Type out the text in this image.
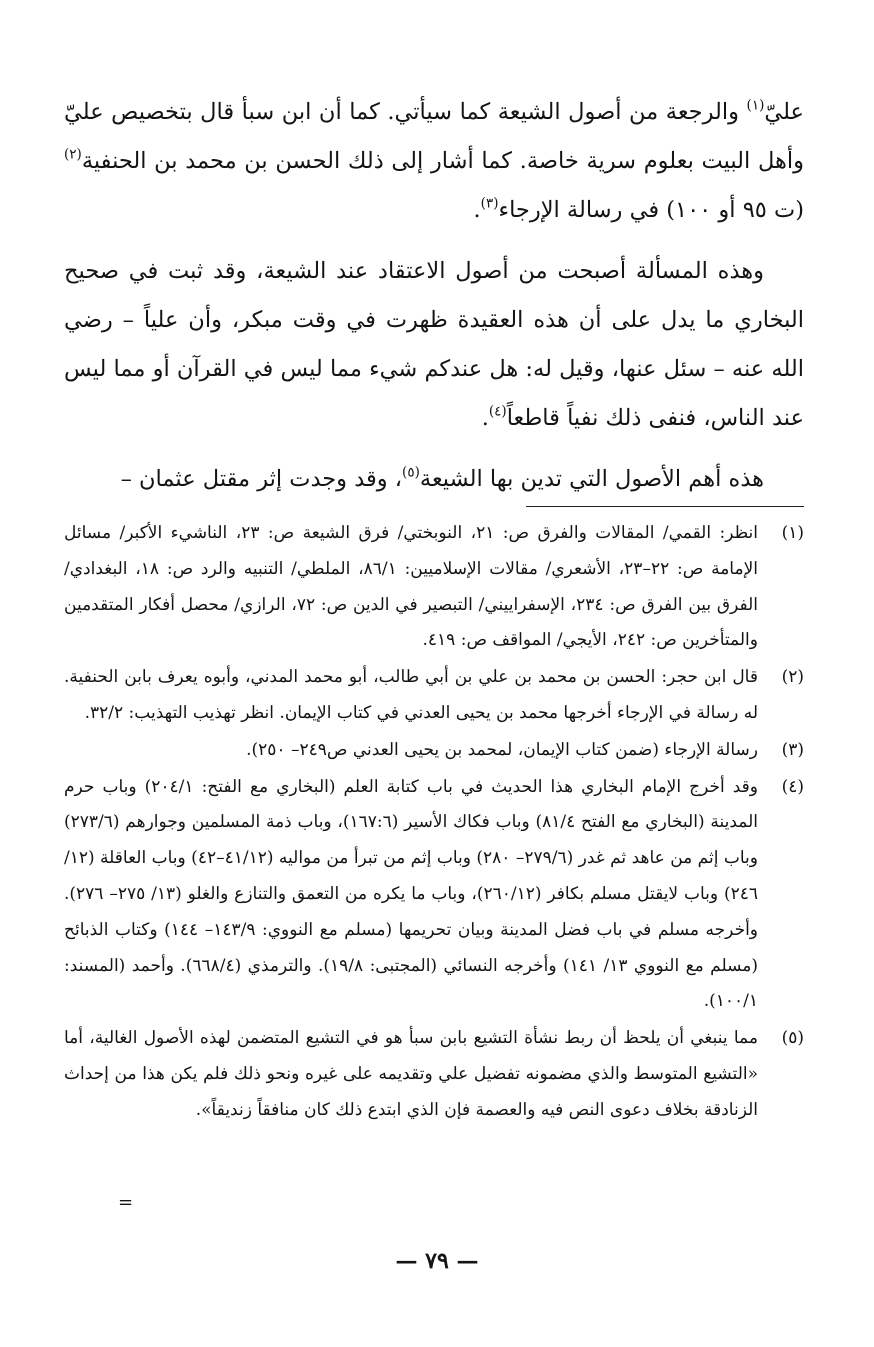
عليّ$^{(١)}$ والرجعة من أصول الشيعة كما سيأتي. كما أن ابن سبأ قال بتخصيص عليّ وأهل البيت بعلوم سرية خاصة. كما أشار إلى ذلك الحسن بن محمد بن الحنفية$^{(٢)}$ (ت ٩٥ أو ١٠٠) في رسالة الإرجاء$^{(٣)}$.

وهذه المسألة أصبحت من أصول الاعتقاد عند الشيعة، وقد ثبت في صحيح البخاري ما يدل على أن هذه العقيدة ظهرت في وقت مبكر، وأن علياً – رضي الله عنه – سئل عنها، وقيل له: هل عندكم شيء مما ليس في القرآن أو مما ليس عند الناس، فنفى ذلك نفياً قاطعاً$^{(٤)}$.

هذه أهم الأصول التي تدين بها الشيعة$^{(٥)}$، وقد وجدت إثر مقتل عثمان –

(١)
انظر: القمي/ المقالات والفرق ص: ٢١، النوبختي/ فرق الشيعة ص: ٢٣، الناشيء الأكبر/ مسائل الإمامة ص: ٢٢–٢٣، الأشعري/ مقالات الإسلاميين: ٨٦/١، الملطي/ التنبيه والرد ص: ١٨، البغدادي/ الفرق بين الفرق ص: ٢٣٤، الإسفراييني/ التبصير في الدين ص: ٧٢، الرازي/ محصل أفكار المتقدمين والمتأخرين ص: ٢٤٢، الأيجي/ المواقف ص: ٤١٩.
(٢)
قال ابن حجر: الحسن بن محمد بن علي بن أبي طالب، أبو محمد المدني، وأبوه يعرف بابن الحنفية. له رسالة في الإرجاء أخرجها محمد بن يحيى العدني في كتاب الإيمان. انظر تهذيب التهذيب: ٣٢/٢.
(٣)
رسالة الإرجاء (ضمن كتاب الإيمان، لمحمد بن يحيى العدني ص٢٤٩– ٢٥٠).
(٤)
وقد أخرج الإمام البخاري هذا الحديث في باب كتابة العلم (البخاري مع الفتح: ٢٠٤/١) وباب حرم المدينة (البخاري مع الفتح ٨١/٤) وباب فكاك الأسير (١٦٧:٦)، وباب ذمة المسلمين وجوارهم (٢٧٣/٦) وباب إثم من عاهد ثم غدر (٢٧٩/٦– ٢٨٠) وباب إثم من تبرأ من مواليه (٤١/١٢–٤٢) وباب العاقلة (١٢/ ٢٤٦) وباب لايقتل مسلم بكافر (٢٦٠/١٢)، وباب ما يكره من التعمق والتنازع والغلو (١٣/ ٢٧٥– ٢٧٦). وأخرجه مسلم في باب فضل المدينة وبيان تحريمها (مسلم مع النووي: ١٤٣/٩– ١٤٤) وكتاب الذبائح (مسلم مع النووي ١٣/ ١٤١) وأخرجه النسائي (المجتبى: ١٩/٨). والترمذي (٦٦٨/٤). وأحمد (المسند: ١٠٠/١).
(٥)
مما ينبغي أن يلحظ أن ربط نشأة التشيع بابن سبأ هو في التشيع المتضمن لهذه الأصول الغالية، أما «التشيع المتوسط والذي مضمونه تفضيل علي وتقديمه على غيره ونحو ذلك فلم يكن هذا من إحداث الزنادقة بخلاف دعوى النص فيه والعصمة فإن الذي ابتدع ذلك كان منافقاً زنديقاً».
=
— ٧٩ —
